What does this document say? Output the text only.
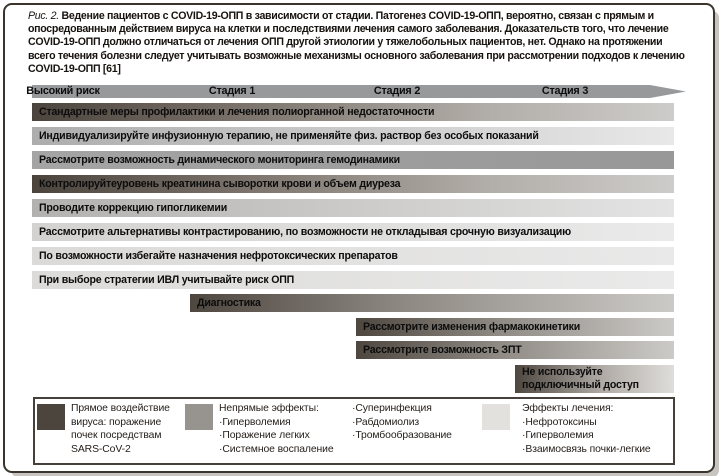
Рис. 2. Ведение пациентов с COVID-19-ОПП в зависимости от стадии. Патогенез COVID-19-ОПП, вероятно, связан с прямым и опосредованным действием вируса на клетки и последствиями лечения самого заболевания. Доказательств того, что лечение COVID-19-ОПП должно отличаться от лечения ОПП другой этиологии у тяжелобольных пациентов, нет. Однако на протяжении всего течения болезни следует учитывать возможные механизмы основного заболевания при рассмотрении подходов к лечению COVID-19-ОПП [61]
Высокий риск	Стадия 1	Стадия 2	Стадия 3
Стандартные меры профилактики и лечения полиорганной недостаточности
Индивидуализируйте инфузионную терапию, не применяйте физ. раствор без особых показаний
Рассмотрите возможность динамического мониторинга гемодинамики
Контролируйтеуровень креатинина сыворотки крови и объем диуреза
Проводите коррекцию гипогликемии
Рассмотрите альтернативы контрастированию, по возможности не откладывая срочную визуализацию
По возможности избегайте назначения нефротоксических препаратов
При выборе стратегии ИВЛ учитывайте риск ОПП
Диагностика
Рассмотрите изменения фармакокинетики
Рассмотрите возможность ЗПТ
Не используйте подключичный доступ
Прямое воздействие вируса: поражение почек посредствам SARS-CoV-2
Непрямые эффекты:
·Гиперволемия
·Поражение легких
·Системное воспаление
·Суперинфекция
·Рабдомиолиз
·Тромбообразование
Эффекты лечения:
·Нефротоксины
·Гиперволемия
·Взаимосвязь почки-легкие
